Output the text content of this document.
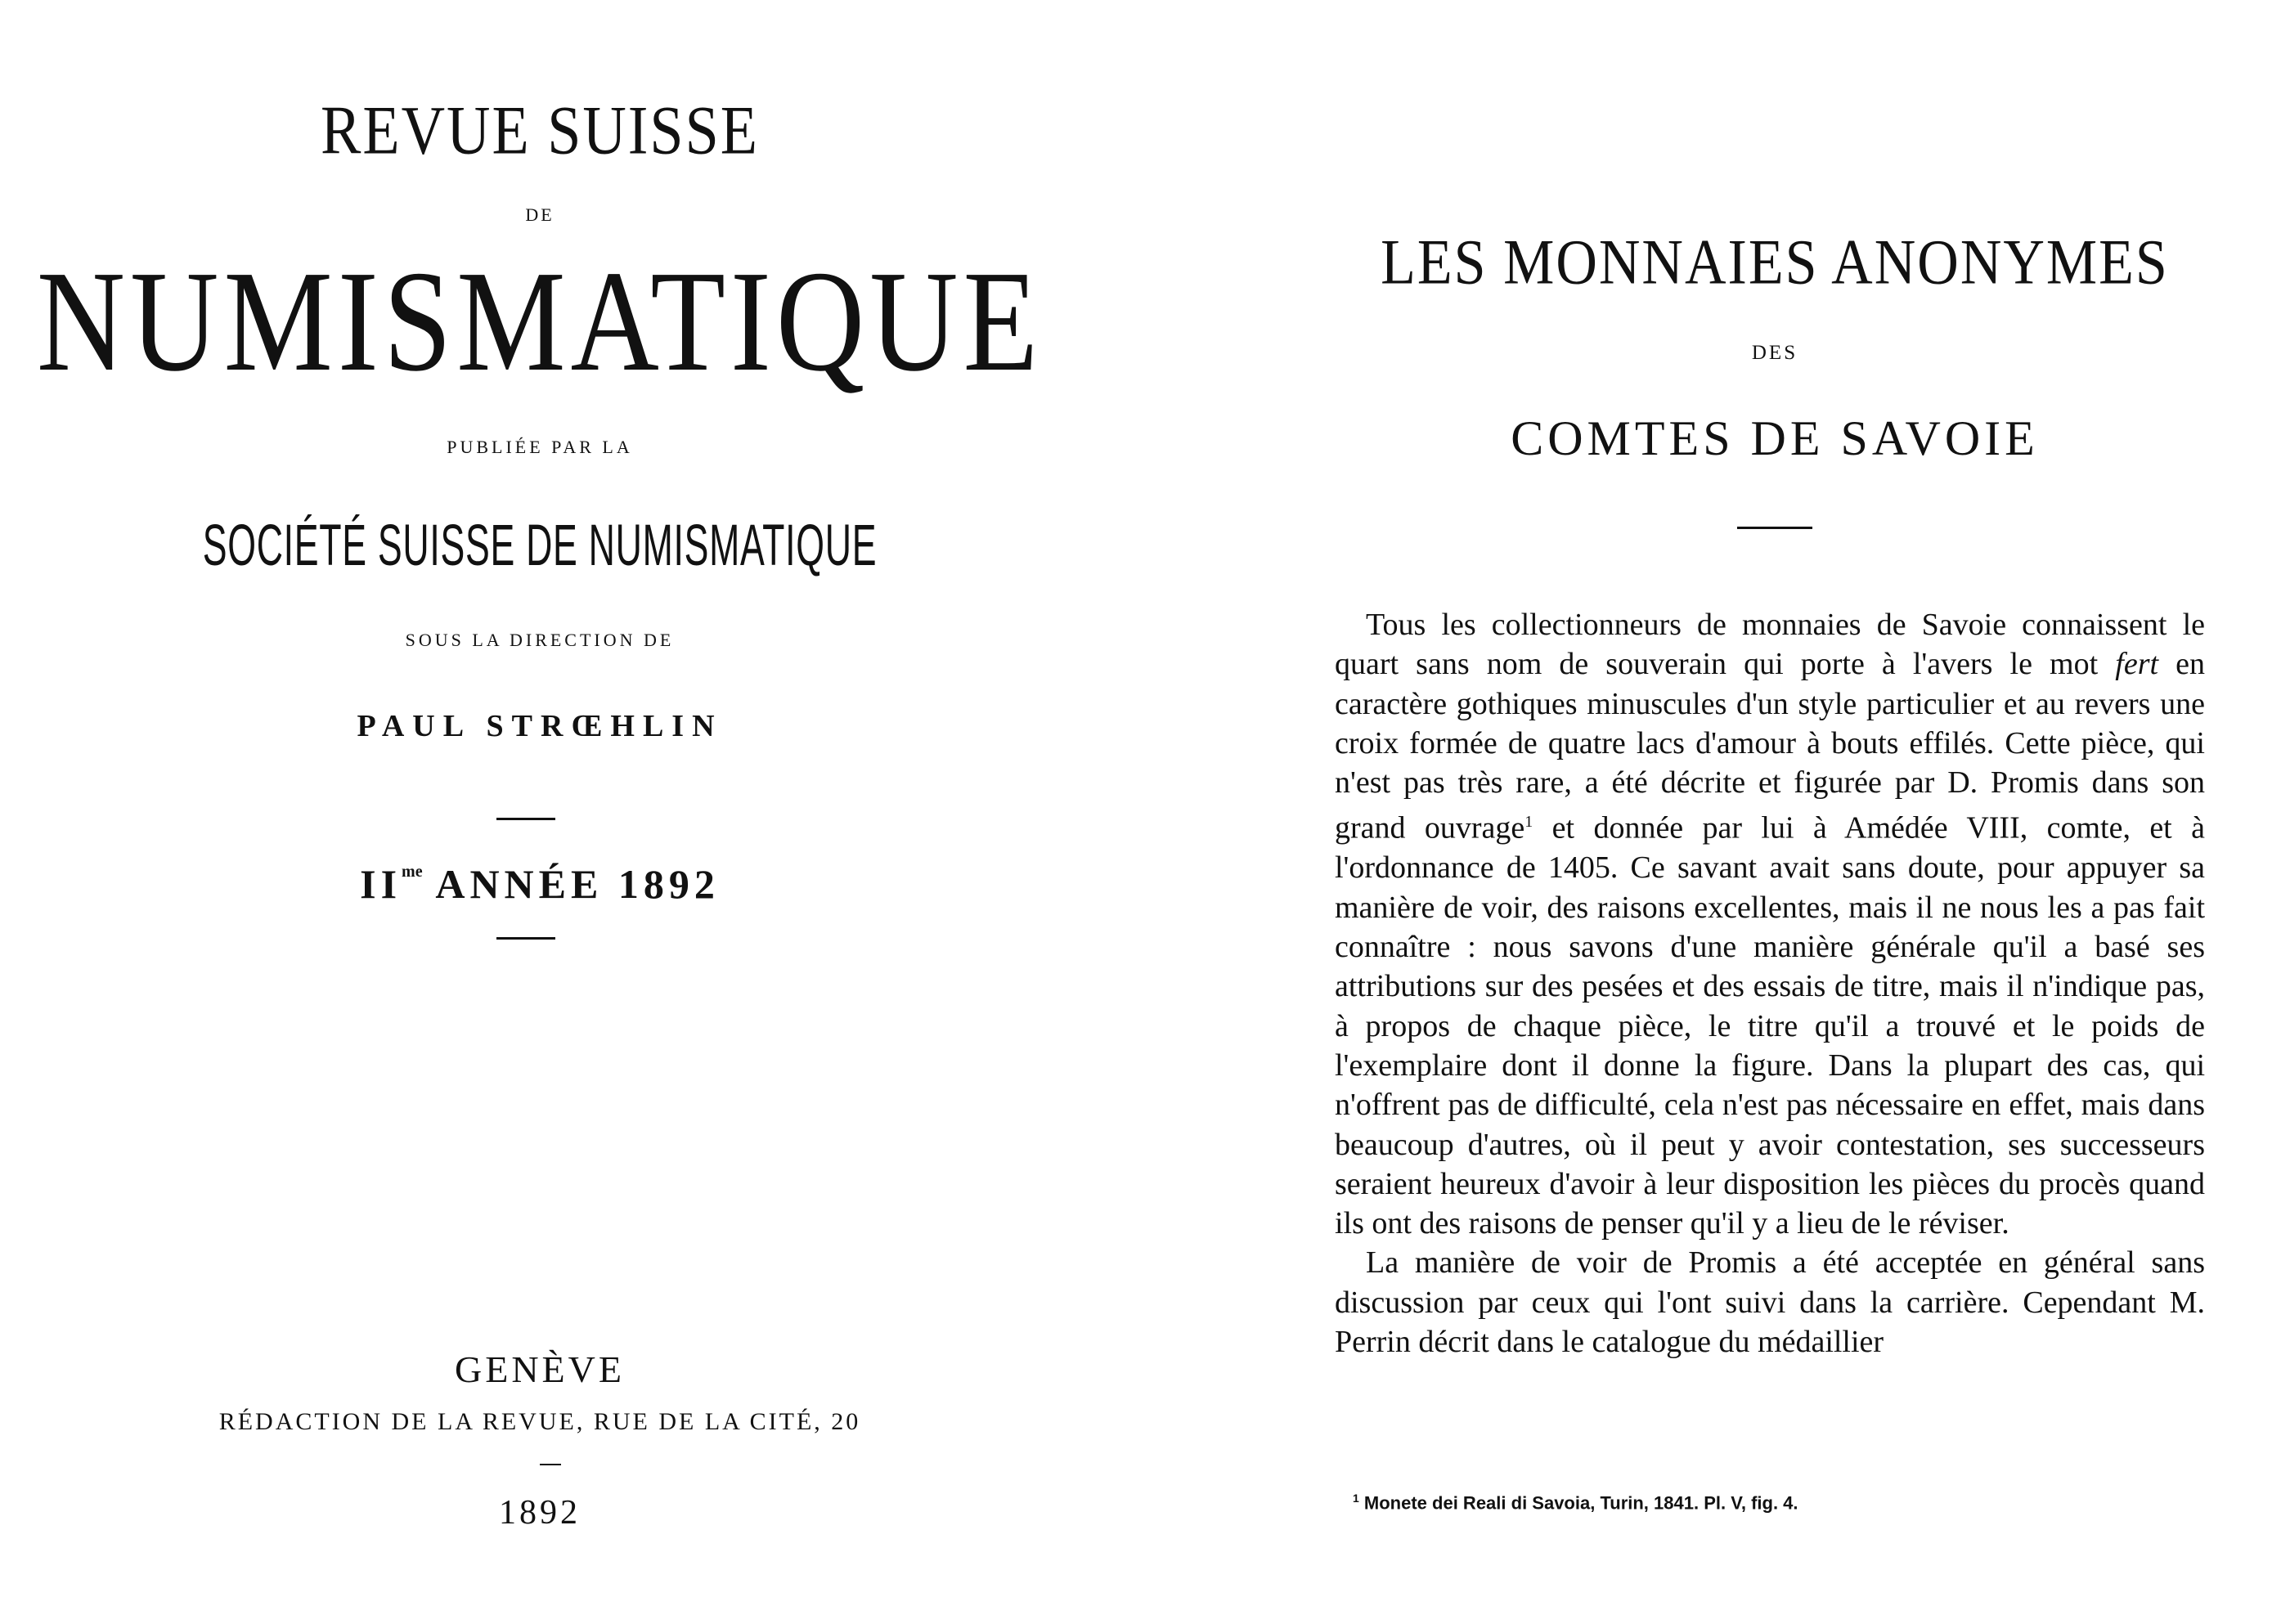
REVUE SUISSE
DE
NUMISMATIQUE
PUBLIÉE PAR LA
SOCIÉTÉ SUISSE DE NUMISMATIQUE
SOUS LA DIRECTION DE
PAUL STRŒHLIN
$II^{me}$ ANNÉE 1892
GENÈVE
RÉDACTION DE LA REVUE, RUE DE LA CITÉ, 20
1892
LES MONNAIES ANONYMES
DES
COMTES DE SAVOIE

Tous les collectionneurs de monnaies de Savoie connaissent le quart sans nom de souverain qui porte à l'avers le mot fert en caractère gothiques minuscules d'un style particulier et au revers une croix formée de quatre lacs d'amour à bouts effilés. Cette pièce, qui n'est pas très rare, a été décrite et figurée par D. Promis dans son grand ouvrage$^1$ et donnée par lui à Amédée VIII, comte, et à l'ordonnance de 1405. Ce savant avait sans doute, pour appuyer sa manière de voir, des raisons excellentes, mais il ne nous les a pas fait connaître : nous savons d'une manière générale qu'il a basé ses attributions sur des pesées et des essais de titre, mais il n'indique pas, à propos de chaque pièce, le titre qu'il a trouvé et le poids de l'exemplaire dont il donne la figure. Dans la plupart des cas, qui n'offrent pas de difficulté, cela n'est pas nécessaire en effet, mais dans beaucoup d'autres, où il peut y avoir contestation, ses successeurs seraient heureux d'avoir à leur disposition les pièces du procès quand ils ont des raisons de penser qu'il y a lieu de le réviser.

La manière de voir de Promis a été acceptée en général sans discussion par ceux qui l'ont suivi dans la carrière. Cependant M. Perrin décrit dans le catalogue du médaillier

$^1$ Monete dei Reali di Savoia, Turin, 1841. Pl. V, fig. 4.
